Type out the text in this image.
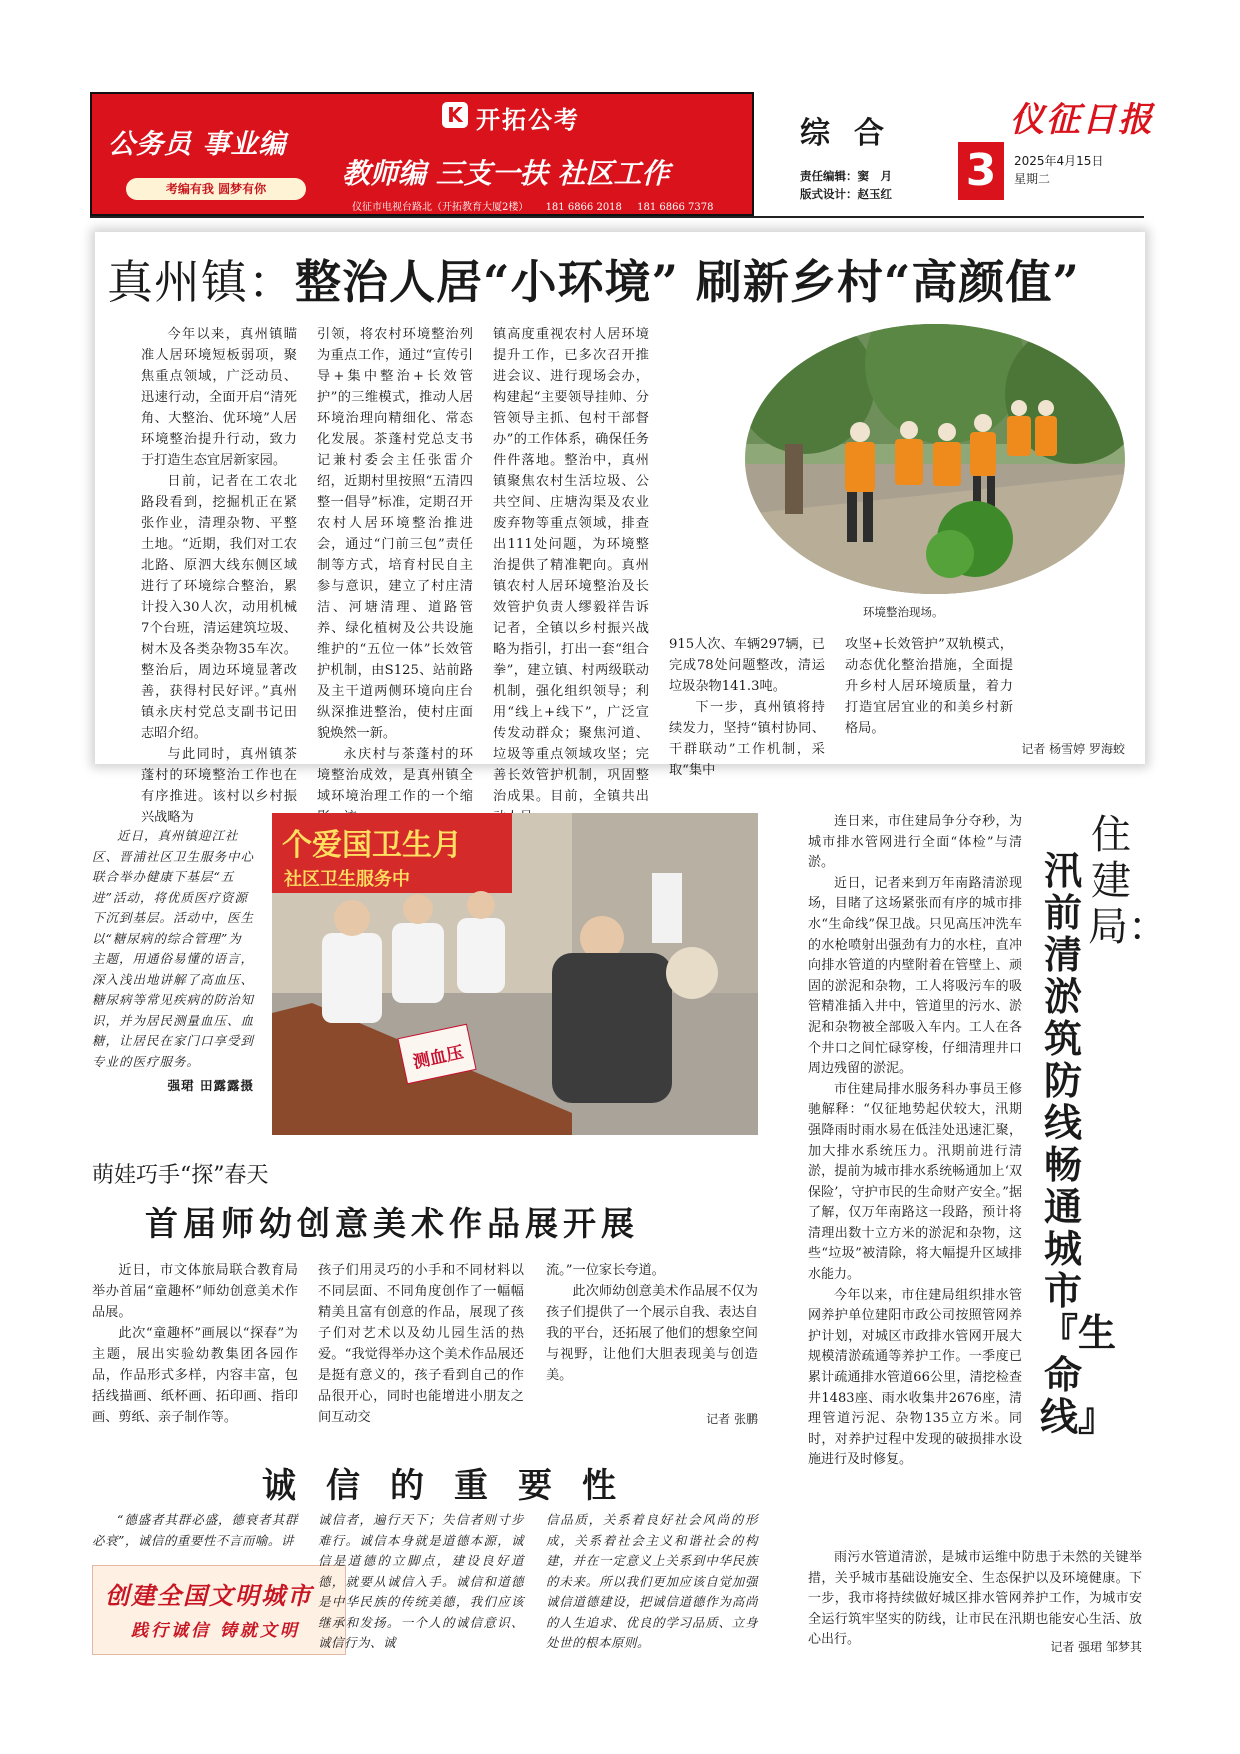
公务员 事业编
考编有我 圆梦有你
K 开拓公考
教师编 三支一扶 社区工作
仪征市电视台路北（开拓教育大厦2楼） 181 6866 2018 181 6866 7378
综合
责任编辑：窦　月
版式设计：赵玉红 3
仪征日报
2025年4月15日
星期二
真州镇：整治人居“小环境” 刷新乡村“高颜值”

今年以来，真州镇瞄准人居环境短板弱项，聚焦重点领域，广泛动员、迅速行动，全面开启“清死角、大整治、优环境”人居环境整治提升行动，致力于打造生态宜居新家园。

日前，记者在工农北路段看到，挖掘机正在紧张作业，清理杂物、平整土地。“近期，我们对工农北路、原泗大线东侧区域进行了环境综合整治，累计投入30人次，动用机械7个台班，清运建筑垃圾、树木及各类杂物35车次。整治后，周边环境显著改善，获得村民好评。”真州镇永庆村党总支副书记田志昭介绍。

与此同时，真州镇茶蓬村的环境整治工作也在有序推进。该村以乡村振兴战略为

引领，将农村环境整治列为重点工作，通过“宣传引导+集中整治+长效管护”的三维模式，推动人居环境治理向精细化、常态化发展。茶蓬村党总支书记兼村委会主任张雷介绍，近期村里按照“五清四整一倡导”标准，定期召开农村人居环境整治推进会，通过“门前三包”责任制等方式，培育村民自主参与意识，建立了村庄清洁、河塘清理、道路管养、绿化植树及公共设施维护的“五位一体”长效管护机制，由S125、站前路及主干道两侧环境向庄台纵深推进整治，使村庄面貌焕然一新。

永庆村与茶蓬村的环境整治成效，是真州镇全域环境治理工作的一个缩

镇高度重视农村人居环境提升工作，已多次召开推进会议、进行现场会办，构建起“主要领导挂帅、分管领导主抓、包村干部督办”的工作体系，确保任务件件落地。整治中，真州镇聚焦农村生活垃圾、公共空间、庄塘沟渠及农业废弃物等重点领域，排查出111处问题，为环境整治提供了精准靶向。真州镇农村人居环境整治及长效管护负责人缪毅祥告诉记者，全镇以乡村振兴战略为指引，打出一套“组合拳”，建立镇、村两级联动机制，强化组织领导；利用“线上+线下”，广泛宣传发动群众；聚焦河道、垃圾等重点领域攻坚；完善长效管护机制，巩固整治成果。目前，全镇共出

环境整治现场。

915人次、车辆297辆，已完成78处问题整改，清运垃圾杂物141.3吨。

下一步，真州镇将持续发力，坚持“镇村协同、干群联动”工作机制，采取“集中

攻坚+长效管护”双轨模式，动态优化整治措施，全面提升乡村人居环境质量，着力打造宜居宜业的和美乡村新格局。

记者 杨雪婷 罗海蛟

近日，真州镇迎江社区、晋浦社区卫生服务中心联合举办健康下基层“五进”活动，将优质医疗资源下沉到基层。活动中，医生以“糖尿病的综合管理”为主题，用通俗易懂的语言，深入浅出地讲解了高血压、糖尿病等常见疾病的防治知识，并为居民测量血压、血糖，让居民在家门口享受到专业的医疗服务。

强珺 田露露摄

个爱国卫生月
社区卫生服务中
测血压
萌娃巧手“探”春天
首届师幼创意美术作品展开展

近日，市文体旅局联合教育局举办首届“童趣杯”师幼创意美术作品展。

此次“童趣杯”画展以“探春”为主题，展出实验幼教集团各园作品，作品形式多样，内容丰富，包括线描画、纸杯画、拓印画、指印画、剪纸、亲子制作等。

孩子们用灵巧的小手和不同材料以不同层面、不同角度创作了一幅幅精美且富有创意的作品，展现了孩子们对艺术以及幼儿园生活的热爱。“我觉得举办这个美术作品展还是挺有意义的，孩子看到自己的作品很开心，同时也能增进小朋友之间互动交

流。”一位家长夸道。

此次师幼创意美术作品展不仅为孩子们提供了一个展示自我、表达自我的平台，还拓展了他们的想象空间与视野，让他们大胆表现美与创造美。

记者 张鹏

连日来，市住建局争分夺秒，为城市排水管网进行全面“体检”与清淤。

近日，记者来到万年南路清淤现场，目睹了这场紧张而有序的城市排水“生命线”保卫战。只见高压冲洗车的水枪喷射出强劲有力的水柱，直冲向排水管道的内壁附着在管壁上、顽固的淤泥和杂物，工人将吸污车的吸管精准插入井中，管道里的污水、淤泥和杂物被全部吸入车内。工人在各个井口之间忙碌穿梭，仔细清理井口周边残留的淤泥。

市住建局排水服务科办事员王修驰解释：“仅征地势起伏较大，汛期强降雨时雨水易在低洼处迅速汇聚，加大排水系统压力。汛期前进行清淤，提前为城市排水系统畅通加上‘双保险’，守护市民的生命财产安全。”据了解，仅万年南路这一段路，预计将清理出数十立方米的淤泥和杂物，这些“垃圾”被清除，将大幅提升区域排水能力。

今年以来，市住建局组织排水管网养护单位建阳市政公司按照管网养护计划，对城区市政排水管网开展大规模清淤疏通等养护工作。一季度已累计疏通排水管道66公里，清挖检查井1483座、雨水收集井2676座，清理管道污泥、杂物135立方米。同时，对养护过程中发现的破损排水设施进行及时修复。

住建局：
汛前清淤筑防线 畅通城市『生命线』

雨污水管道清淤，是城市运维中防患于未然的关键举措，关乎城市基础设施安全、生态保护以及环境健康。下一步，我市将持续做好城区排水管网养护工作，为城市安全运行筑牢坚实的防线，让市民在汛期也能安心生活、放心出行。	记者 强珺 邹梦其
诚信的重要性

“德盛者其群必盛，德衰者其群必衰”，诚信的重要性不言而喻。讲

创建全国文明城市
践行诚信 铸就文明

诚信者，遍行天下；失信者则寸步难行。诚信本身就是道德本源，诚信是道德的立脚点，建设良好道德，就要从诚信入手。诚信和道德是中华民族的传统美德，我们应该继承和发扬。一个人的诚信意识、诚信行为、诚

信品质，关系着良好社会风尚的形成，关系着社会主义和谐社会的构建，并在一定意义上关系到中华民族的未来。所以我们更加应该自觉加强诚信道德建设，把诚信道德作为高尚的人生追求、优良的学习品质、立身处世的根本原则。
